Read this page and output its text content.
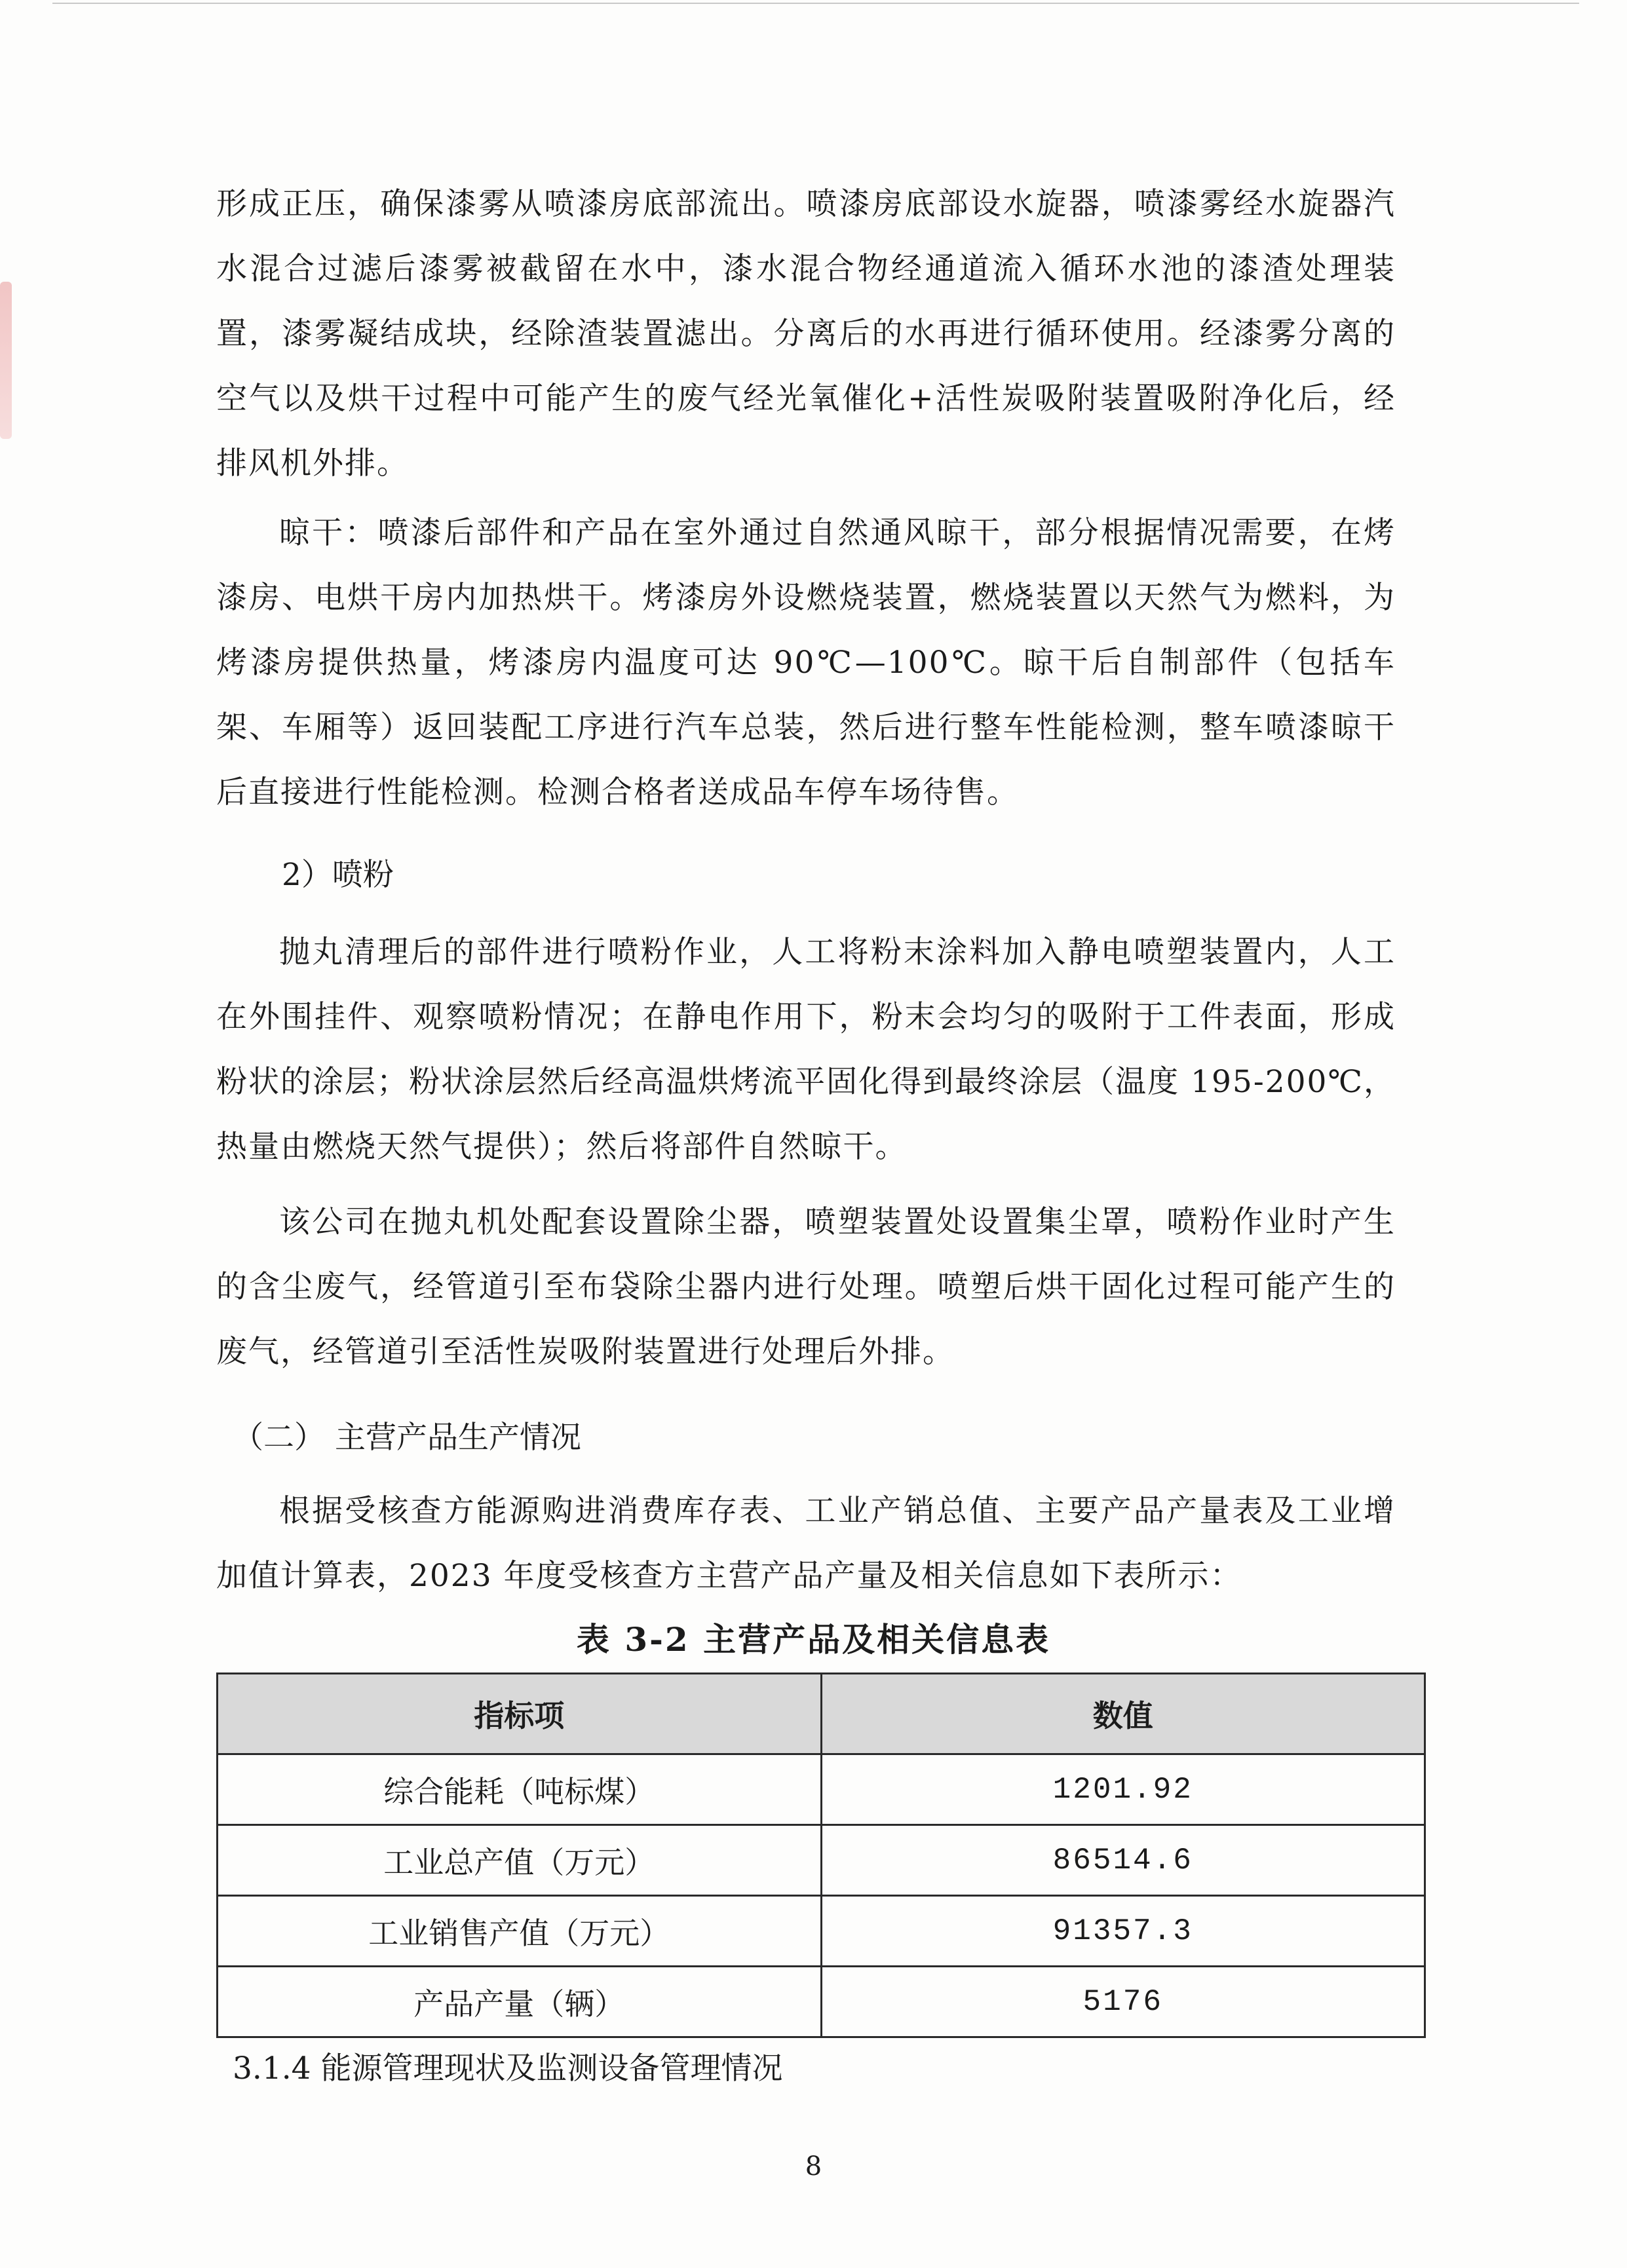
形成正压，确保漆雾从喷漆房底部流出。喷漆房底部设水旋器，喷漆雾经水旋器汽水混合过滤后漆雾被截留在水中，漆水混合物经通道流入循环水池的漆渣处理装置，漆雾凝结成块，经除渣装置滤出。分离后的水再进行循环使用。经漆雾分离的空气以及烘干过程中可能产生的废气经光氧催化+活性炭吸附装置吸附净化后，经排风机外排。

晾干：喷漆后部件和产品在室外通过自然通风晾干，部分根据情况需要，在烤漆房、电烘干房内加热烘干。烤漆房外设燃烧装置，燃烧装置以天然气为燃料，为烤漆房提供热量，烤漆房内温度可达 90℃—100℃。晾干后自制部件（包括车架、车厢等）返回装配工序进行汽车总装，然后进行整车性能检测，整车喷漆晾干后直接进行性能检测。检测合格者送成品车停车场待售。

2）喷粉

抛丸清理后的部件进行喷粉作业，人工将粉末涂料加入静电喷塑装置内，人工在外围挂件、观察喷粉情况；在静电作用下，粉末会均匀的吸附于工件表面，形成粉状的涂层；粉状涂层然后经高温烘烤流平固化得到最终涂层（温度 195-200℃，热量由燃烧天然气提供）；然后将部件自然晾干。

该公司在抛丸机处配套设置除尘器，喷塑装置处设置集尘罩，喷粉作业时产生的含尘废气，经管道引至布袋除尘器内进行处理。喷塑后烘干固化过程可能产生的废气，经管道引至活性炭吸附装置进行处理后外排。

（二） 主营产品生产情况

根据受核查方能源购进消费库存表、工业产销总值、主要产品产量表及工业增加值计算表，2023 年度受核查方主营产品产量及相关信息如下表所示：

表 3-2 主营产品及相关信息表
指标项	数值
综合能耗（吨标煤）	1201.92
工业总产值（万元）	86514.6
工业销售产值（万元）	91357.3
产品产量（辆）	5176

3.1.4 能源管理现状及监测设备管理情况

8
